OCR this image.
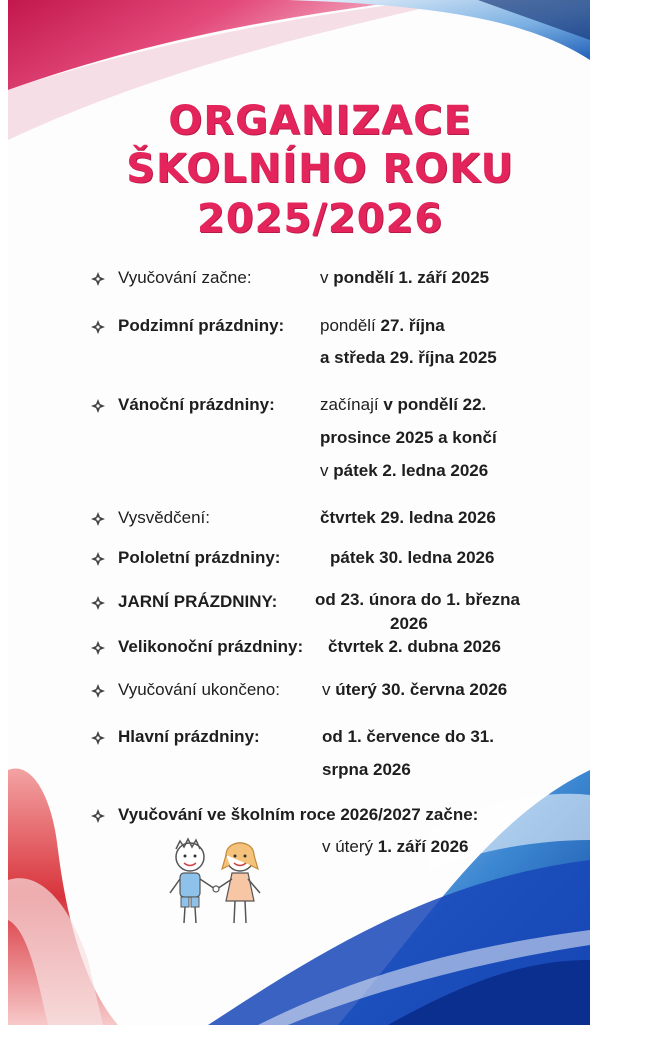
ORGANIZACE
ŠKOLNÍHO ROKU
2025/2026
Vyučování začne:	v pondělí 1. září 2025
Podzimní prázdniny: pondělí 27. října
a středa 29. října 2025
Vánoční prázdniny:	začínají v pondělí 22.
prosince 2025 a končí
v pátek 2. ledna 2026
Vysvědčení:	čtvrtek 29. ledna 2026
Pololetní prázdniny:	pátek 30. ledna 2026
JARNÍ PRÁZDNINY: od 23. února do 1. března
2026
Velikonoční prázdniny: čtvrtek 2. dubna 2026
Vyučování ukončeno: v úterý 30. června 2026
Hlavní prázdniny:	od 1. července do 31.
srpna 2026
Vyučování ve školním roce 2026/2027 začne:
v úterý 1. září 2026
